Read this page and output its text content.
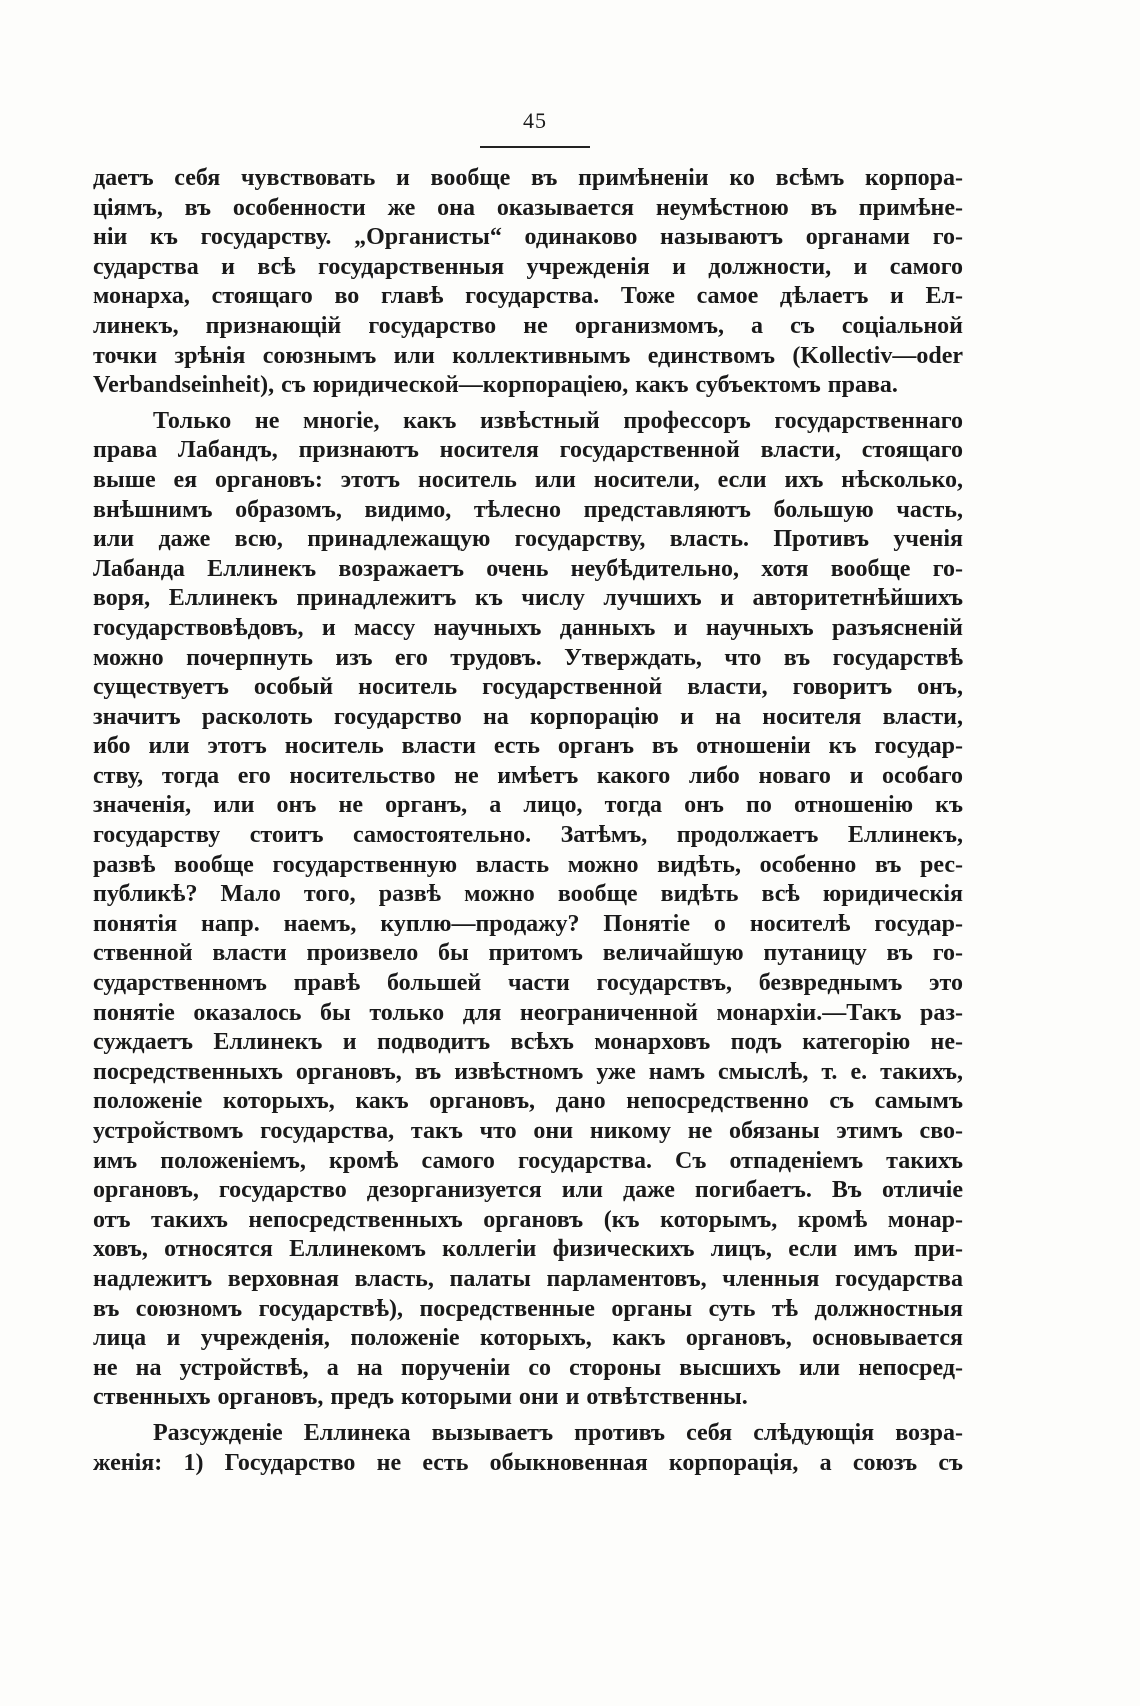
45
даетъ себя чувствовать и вообще въ примѣненіи ко всѣмъ корпора-
ціямъ, въ особенности же она оказывается неумѣстною въ примѣне-
ніи къ государству. „Органисты“ одинаково называютъ органами го-
сударства и всѣ государственныя учрежденія и должности, и самого
монарха, стоящаго во главѣ государства. Тоже самое дѣлаетъ и Ел-
линекъ, признающій государство не организмомъ, а съ соціальной
точки зрѣнія союзнымъ или коллективнымъ единствомъ (Kollectiv—oder
Verbandseinheit), съ юридической—корпораціею, какъ субъектомъ права.
Только не многіе, какъ извѣстный профессоръ государственнаго
права Лабандъ, признаютъ носителя государственной власти, стоящаго
выше ея органовъ: этотъ носитель или носители, если ихъ нѣсколько,
внѣшнимъ образомъ, видимо, тѣлесно представляютъ большую часть,
или даже всю, принадлежащую государству, власть. Противъ ученія
Лабанда Еллинекъ возражаетъ очень неубѣдительно, хотя вообще го-
воря, Еллинекъ принадлежитъ къ числу лучшихъ и авторитетнѣйшихъ
государствовѣдовъ, и массу научныхъ данныхъ и научныхъ разъясненій
можно почерпнуть изъ его трудовъ. Утверждать, что въ государствѣ
существуетъ особый носитель государственной власти, говоритъ онъ,
значитъ расколоть государство на корпорацію и на носителя власти,
ибо или этотъ носитель власти есть органъ въ отношеніи къ государ-
ству, тогда его носительство не имѣетъ какого либо новаго и особаго
значенія, или онъ не органъ, а лицо, тогда онъ по отношенію къ
государству стоитъ самостоятельно. Затѣмъ, продолжаетъ Еллинекъ,
развѣ вообще государственную власть можно видѣть, особенно въ рес-
публикѣ? Мало того, развѣ можно вообще видѣть всѣ юридическія
понятія напр. наемъ, куплю—продажу? Понятіе о носителѣ государ-
ственной власти произвело бы притомъ величайшую путаницу въ го-
сударственномъ правѣ большей части государствъ, безвреднымъ это
понятіе оказалось бы только для неограниченной монархіи.—Такъ раз-
суждаетъ Еллинекъ и подводитъ всѣхъ монарховъ подъ категорію не-
посредственныхъ органовъ, въ извѣстномъ уже намъ смыслѣ, т. е. такихъ,
положеніе которыхъ, какъ органовъ, дано непосредственно съ самымъ
устройствомъ государства, такъ что они никому не обязаны этимъ сво-
имъ положеніемъ, кромѣ самого государства. Съ отпаденіемъ такихъ
органовъ, государство дезорганизуется или даже погибаетъ. Въ отличіе
отъ такихъ непосредственныхъ органовъ (къ которымъ, кромѣ монар-
ховъ, относятся Еллинекомъ коллегіи физическихъ лицъ, если имъ при-
надлежитъ верховная власть, палаты парламентовъ, членныя государства
въ союзномъ государствѣ), посредственные органы суть тѣ должностныя
лица и учрежденія, положеніе которыхъ, какъ органовъ, основывается
не на устройствѣ, а на порученіи со стороны высшихъ или непосред-
ственныхъ органовъ, предъ которыми они и отвѣтственны.
Разсужденіе Еллинека вызываетъ противъ себя слѣдующія возра-
женія: 1) Государство не есть обыкновенная корпорація, а союзъ съ
